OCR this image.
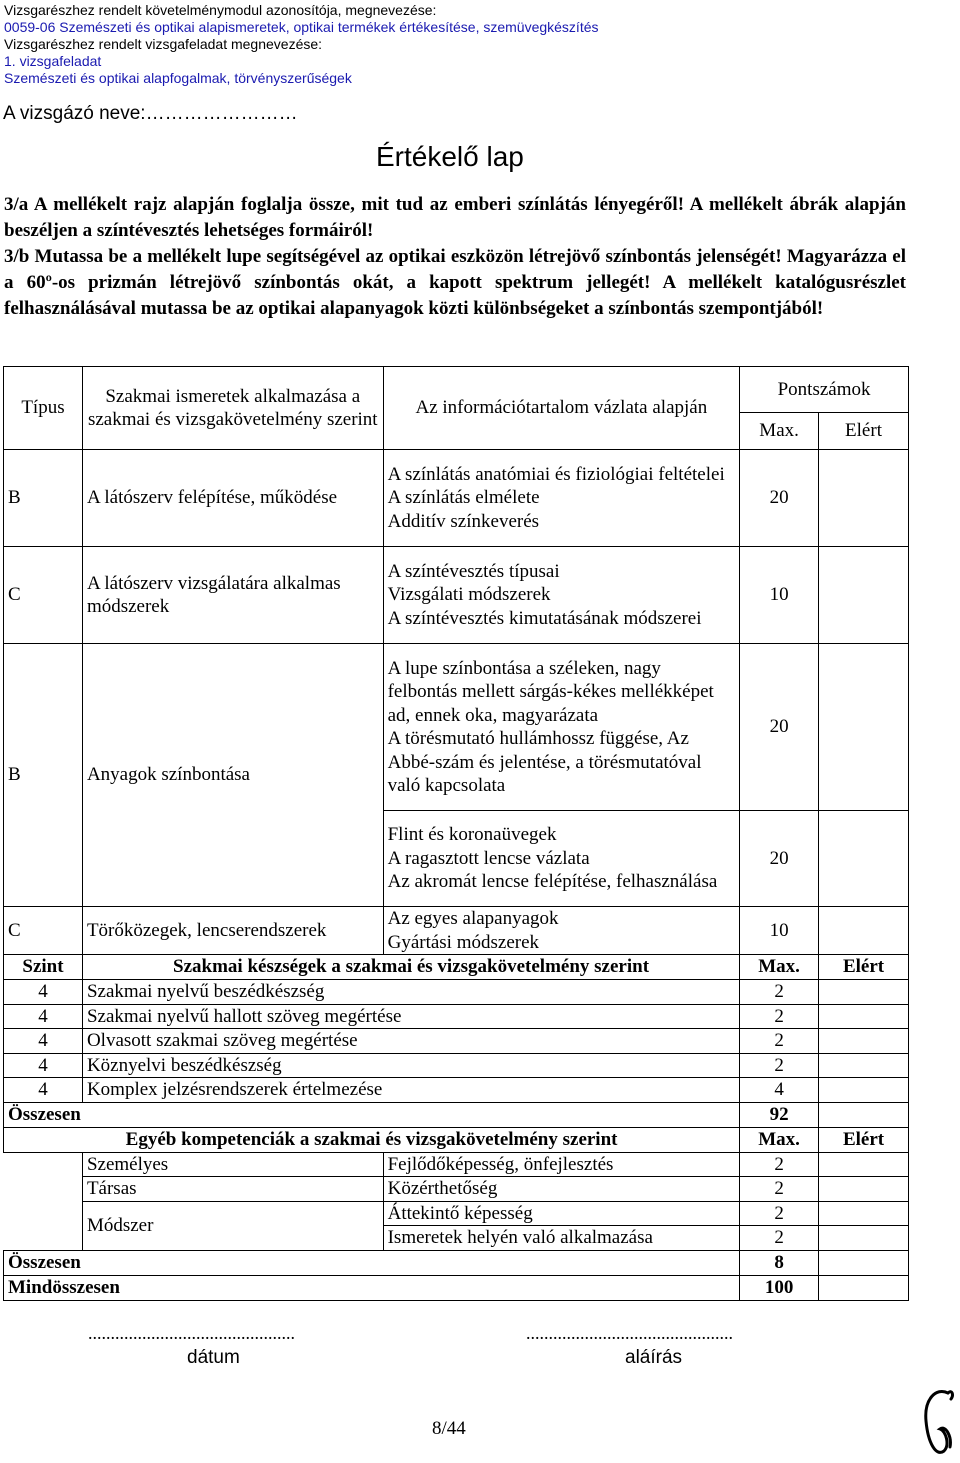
Vizsgarészhez rendelt követelménymodul azonosítója, megnevezése:
0059-06 Szemészeti és optikai alapismeretek, optikai termékek értékesítése, szemüvegkészítés
Vizsgarészhez rendelt vizsgafeladat megnevezése:
1. vizsgafeladat
Szemészeti és optikai alapfogalmak, törvényszerűségek
A vizsgázó neve:……………………
Értékelő lap

3/a A mellékelt rajz alapján foglalja össze, mit tud az emberi színlátás lényegéről! A mellékelt ábrák alapján beszéljen a színtévesztés lehetséges formáiról!

3/b Mutassa be a mellékelt lupe segítségével az optikai eszközön létrejövő színbontás jelenségét! Magyarázza el a 60º-os prizmán létrejövő színbontás okát, a kapott spektrum jellegét! A mellékelt katalógusrészlet felhasználásával mutassa be az optikai alapanyagok közti különbségeket a színbontás szempontjából!

Típus	Szakmai ismeretek alkalmazása a szakmai és vizsgakövetelmény szerint	Az információtartalom vázlata alapján	Pontszámok	
			Max.	Elért
B	A látószerv felépítése, működése	A színlátás anatómiai és fiziológiai feltételei
A színlátás elmélete
Additív színkeverés	20	
C	A látószerv vizsgálatára alkalmas módszerek	A színtévesztés típusai
Vizsgálati módszerek
A színtévesztés kimutatásának módszerei	10	
B	Anyagok színbontása	A lupe színbontása a széleken, nagy felbontás mellett sárgás-kékes mellékképet ad, ennek oka, magyarázata
A törésmutató hullámhossz függése, Az Abbé-szám és jelentése, a törésmutatóval való kapcsolata	20	
		Flint és koronaüvegek
A ragasztott lencse vázlata
Az akromát lencse felépítése, felhasználása	20	
C	Törőközegek, lencserendszerek	Az egyes alapanyagok
Gyártási módszerek	10	
Szint	Szakmai készségek a szakmai és vizsgakövetelmény szerint		Max.	Elért
4	Szakmai nyelvű beszédkészség		2	
4	Szakmai nyelvű hallott szöveg megértése		2	
4	Olvasott szakmai szöveg megértése		2	
4	Köznyelvi beszédkészség		2	
4	Komplex jelzésrendszerek értelmezése		4	
Összesen			92	
Egyéb kompetenciák a szakmai és vizsgakövetelmény szerint			Max.	Elért
	Személyes	Fejlődőképesség, önfejlesztés	2	
	Társas	Közérthetőség	2	
	Módszer	Áttekintő képesség	2	
		Ismeretek helyén való alkalmazása	2	
Összesen			8	
Mindösszesen			100	
..............................................
dátum
..............................................
aláírás
8/44
